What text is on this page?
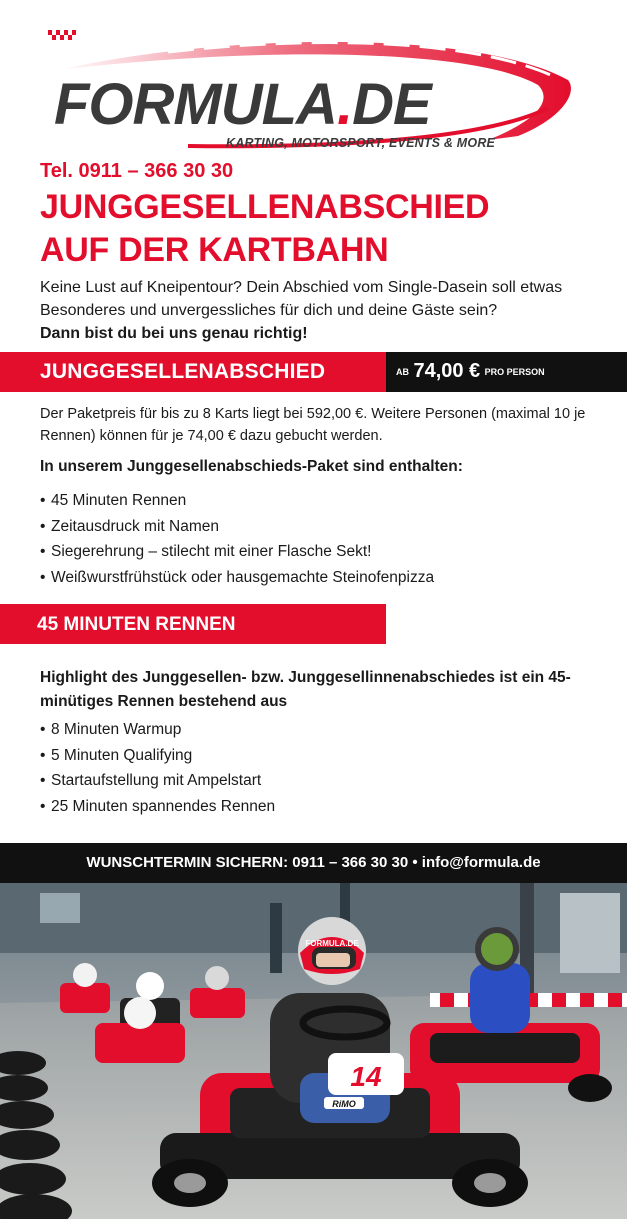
FORMULA.DE
KARTING, MOTORSPORT, EVENTS & MORE
Tel. 0911 – 366 30 30
JUNGGESELLENABSCHIED
AUF DER KARTBAHN
Keine Lust auf Kneipentour? Dein Abschied vom Single-Dasein soll etwas Besonderes und unvergessliches für dich und deine Gäste sein?
Dann bist du bei uns genau richtig!
JUNGGESELLENABSCHIED	AB 74,00 € PRO PERSON
Der Paketpreis für bis zu 8 Karts liegt bei 592,00 €. Weitere Personen (maximal 10 je Rennen) können für je 74,00 € dazu gebucht werden.
In unserem Junggesellenabschieds-Paket sind enthalten:
• 45 Minuten Rennen
• Zeitausdruck mit Namen
• Siegerehrung – stilecht mit einer Flasche Sekt!
• Weißwurstfrühstück oder hausgemachte Steinofenpizza
45 MINUTEN RENNEN
Highlight des Junggesellen- bzw. Junggesellinnenabschiedes ist ein 45-minütiges Rennen bestehend aus
• 8 Minuten Warmup
• 5 Minuten Qualifying
• Startaufstellung mit Ampelstart
• 25 Minuten spannendes Rennen
WUNSCHTERMIN SICHERN: 0911 – 366 30 30 • info@formula.de
FORMULA.DE
14
RiMO
